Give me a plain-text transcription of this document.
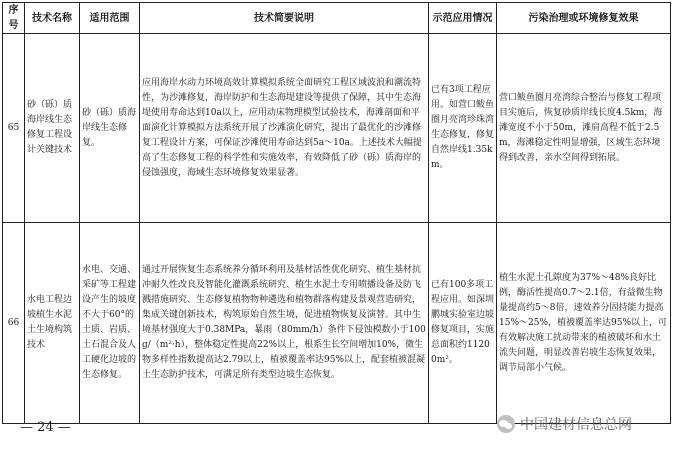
序号	技术名称	适用范围	技术简要说明	示范应用情况	污染治理或环境修复效果
65	砂（砾）质海岸线生态修复工程设计关键技术	砂（砾）质海岸线生态修复。	应用海岸水动力环境高效计算模拟系统全面研究工程区域波浪和潮流特性，为沙滩修复，海岸防护和生态海堤建设等提供了保障，其中生态海堤使用寿命达到10a以上，应用动床物理模型试验技术，海滩剖面和平面演化计算模拟方法系统开展了沙滩演化研究，提出了最优化的沙滩修复工程设计方案，可保证沙滩使用寿命达到5a～10a。上述技术大幅提高了生态修复工程的科学性和实施效率，有效降低了砂（砾）质海岸的侵蚀强度，海域生态环境修复效果显著。	已有3项工程应用。如营口鲅鱼圈月亮湾珍珠湾生态修复，修复自然岸线1.35km。	营口鲅鱼圈月亮湾综合整治与修复工程项目实施后，恢复砂质岸线长度4.5km，海滩宽度不小于50m，滩肩高程不低于2.5m，海滩稳定性明显增强，区域生态环境得到改善，亲水空间得到拓展。
66	水电工程边坡植生水泥土生境构筑技术	水电、交通、采矿等工程建设产生的坡度不大于60°的土质、岩质、土石混合及人工硬化边坡的生态修复。	通过开展恢复生态系统养分循环利用及基材活性优化研究、植生基材抗冲耐久性改良及智能化灌溉系统研究、植生水泥土专用喷播设备及防飞溅措施研究、生态修复植物物种遴选和植物群落构建及景观营造研究，集成关键创新技术，构筑原始自然生境，促进植物恢复及演替。其中生境基材强度大于0.38MPa，暴雨（80mm/h）条件下侵蚀模数小于100g/（m²·h），整体稳定性提高22%以上，根系生长空间增加10%，微生物多样性指数提高达2.79以上，植被覆盖率达95%以上，配套植被混凝土生态防护技术，可满足所有类型边坡生态恢复。	已有100多项工程应用。如深圳鹏城实验室边坡修复项目，实施总面积约11200m²。	植生水泥土孔隙度为37%～48%良好比例，酶活性提高0.7～2.1倍，有益微生物量提高约5～8倍，速效养分固持能力提高15%～25%，植被覆盖率达95%以上，可有效解决施工扰动带来的植被破坏和水土流失问题，明显改善岩坡生态恢复效果，调节局部小气候。
— 24 —	中国建材信息总网
